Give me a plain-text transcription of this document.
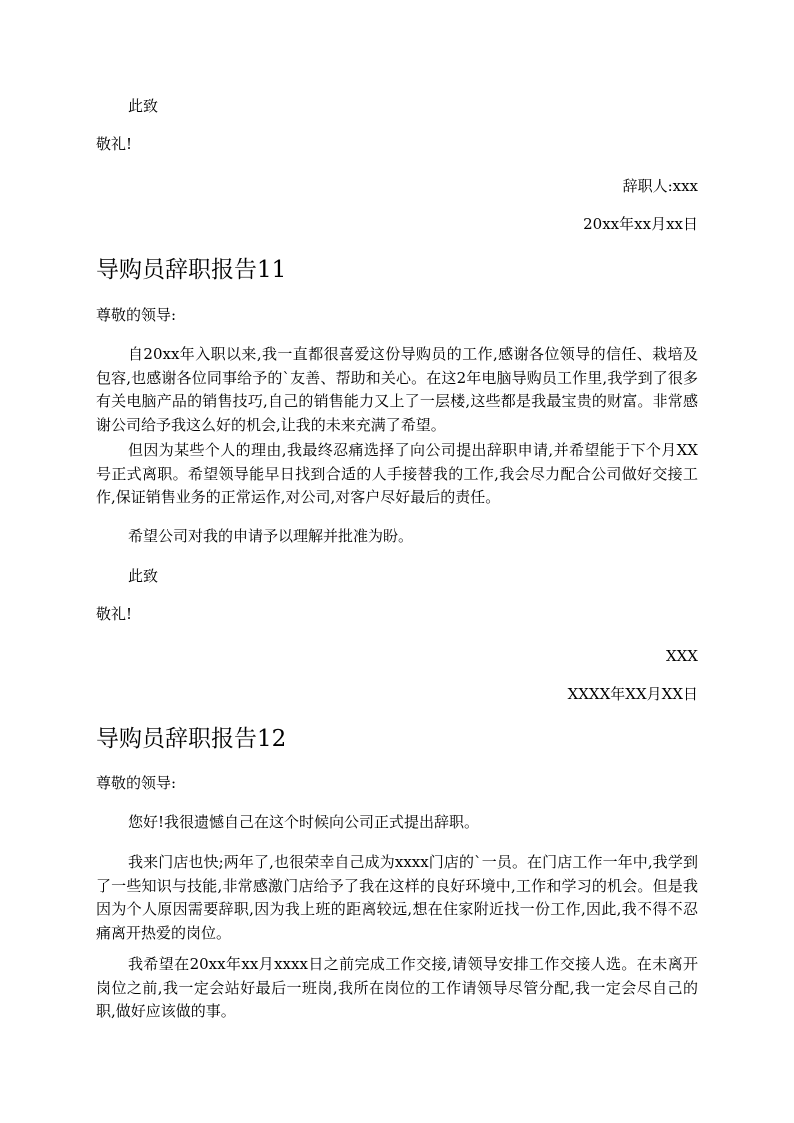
此致

敬礼!

辞职人:xxx

20xx年xx月xx日

导购员辞职报告11

尊敬的领导:

自20xx年入职以来,我一直都很喜爱这份导购员的工作,感谢各位领导的信任、栽培及包容,也感谢各位同事给予的`友善、帮助和关心。在这2年电脑导购员工作里,我学到了很多有关电脑产品的销售技巧,自己的销售能力又上了一层楼,这些都是我最宝贵的财富。非常感谢公司给予我这么好的机会,让我的未来充满了希望。

但因为某些个人的理由,我最终忍痛选择了向公司提出辞职申请,并希望能于下个月XX号正式离职。希望领导能早日找到合适的人手接替我的工作,我会尽力配合公司做好交接工作,保证销售业务的正常运作,对公司,对客户尽好最后的责任。

希望公司对我的申请予以理解并批准为盼。

此致

敬礼!

XXX

XXXX年XX月XX日

导购员辞职报告12

尊敬的领导:

您好!我很遗憾自己在这个时候向公司正式提出辞职。

我来门店也快;两年了,也很荣幸自己成为xxxx门店的`一员。在门店工作一年中,我学到了一些知识与技能,非常感激门店给予了我在这样的良好环境中,工作和学习的机会。但是我因为个人原因需要辞职,因为我上班的距离较远,想在住家附近找一份工作,因此,我不得不忍痛离开热爱的岗位。

我希望在20xx年xx月xxxx日之前完成工作交接,请领导安排工作交接人选。在未离开岗位之前,我一定会站好最后一班岗,我所在岗位的工作请领导尽管分配,我一定会尽自己的职,做好应该做的事。
